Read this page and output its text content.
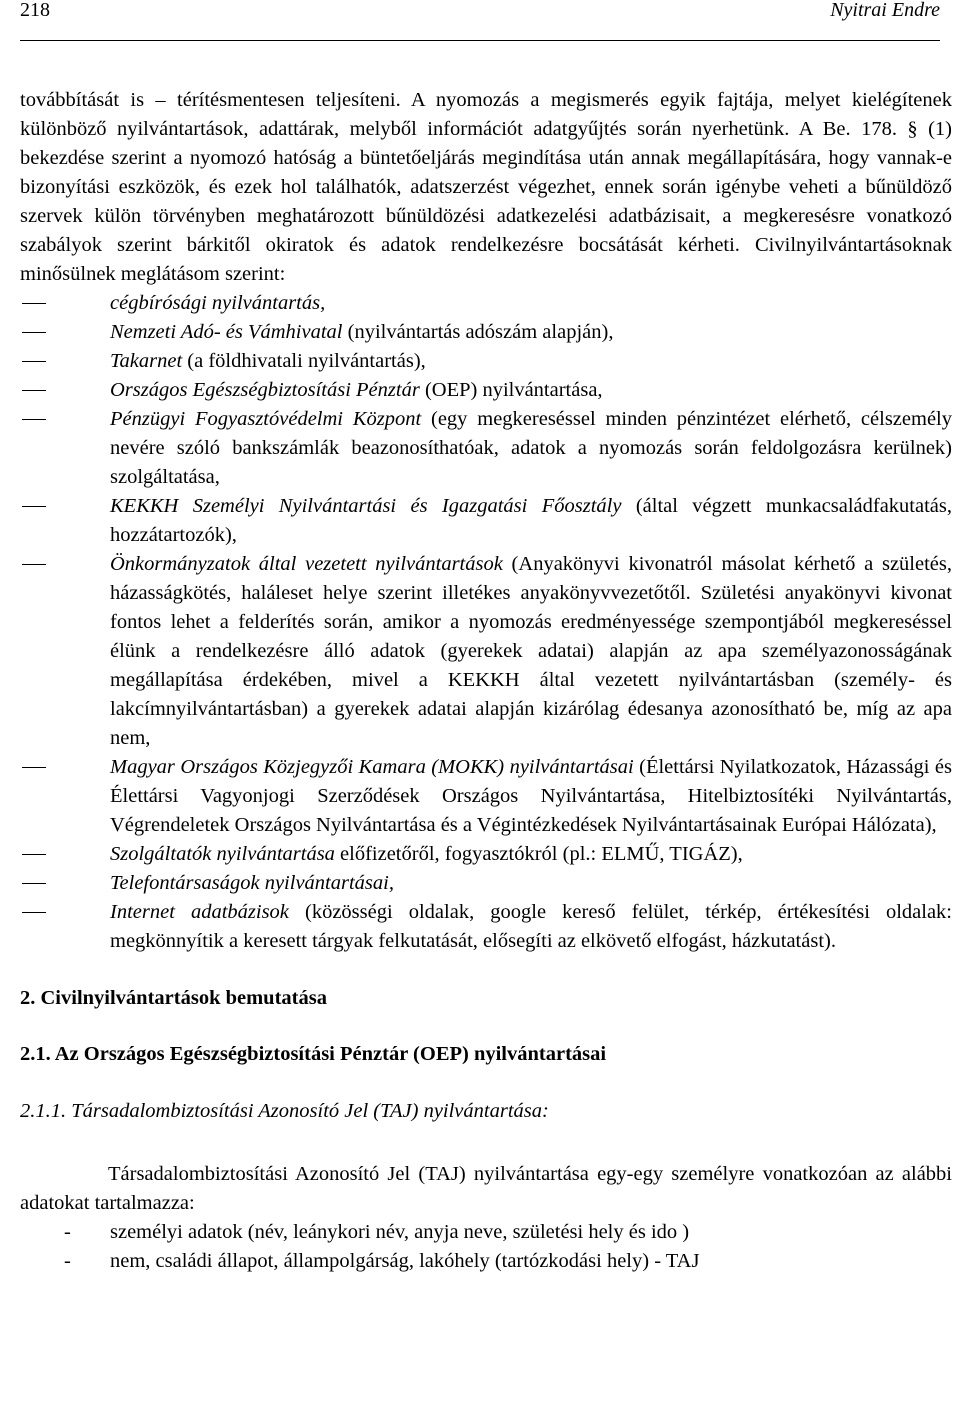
218	Nyitrai Endre

továbbítását is – térítésmentesen teljesíteni. A nyomozás a megismerés egyik fajtája, melyet kielégítenek különböző nyilvántartások, adattárak, melyből információt adatgyűjtés során nyerhetünk. A Be. 178. § (1) bekezdése szerint a nyomozó hatóság a büntetőeljárás megindítása után annak megállapítására, hogy vannak-e bizonyítási eszközök, és ezek hol találhatók, adatszerzést végezhet, ennek során igénybe veheti a bűnüldöző szervek külön törvényben meghatározott bűnüldözési adatkezelési adatbázisait, a megkeresésre vonatkozó szabályok szerint bárkitől okiratok és adatok rendelkezésre bocsátását kérheti. Civilnyilvántartásoknak minősülnek meglátásom szerint:

cégbírósági nyilvántartás,
Nemzeti Adó- és Vámhivatal (nyilvántartás adószám alapján),
Takarnet (a földhivatali nyilvántartás),
Országos Egészségbiztosítási Pénztár (OEP) nyilvántartása,
Pénzügyi Fogyasztóvédelmi Központ (egy megkereséssel minden pénzintézet elérhető, célszemély nevére szóló bankszámlák beazonosíthatóak, adatok a nyomozás során feldolgozásra kerülnek) szolgáltatása,
KEKKH Személyi Nyilvántartási és Igazgatási Főosztály (által végzett munkacsaládfakutatás, hozzátartozók),
Önkormányzatok által vezetett nyilvántartások (Anyakönyvi kivonatról másolat kérhető a születés, házasságkötés, haláleset helye szerint illetékes anyakönyvvezetőtől. Születési anyakönyvi kivonat fontos lehet a felderítés során, amikor a nyomozás eredményessége szempontjából megkereséssel élünk a rendelkezésre álló adatok (gyerekek adatai) alapján az apa személyazonosságának megállapítása érdekében, mivel a KEKKH által vezetett nyilvántartásban (személy- és lakcímnyilvántartásban) a gyerekek adatai alapján kizárólag édesanya azonosítható be, míg az apa nem,
Magyar Országos Közjegyzői Kamara (MOKK) nyilvántartásai (Élettársi Nyilatkozatok, Házassági és Élettársi Vagyonjogi Szerződések Országos Nyilvántartása, Hitelbiztosítéki Nyilvántartás, Végrendeletek Országos Nyilvántartása és a Végintézkedések Nyilvántartásainak Európai Hálózata),
Szolgáltatók nyilvántartása előfizetőről, fogyasztókról (pl.: ELMŰ, TIGÁZ),
Telefontársaságok nyilvántartásai,
Internet adatbázisok (közösségi oldalak, google kereső felület, térkép, értékesítési oldalak: megkönnyítik a keresett tárgyak felkutatását, elősegíti az elkövető elfogást, házkutatást).
2. Civilnyilvántartások bemutatása
2.1. Az Országos Egészségbiztosítási Pénztár (OEP) nyilvántartásai
2.1.1. Társadalombiztosítási Azonosító Jel (TAJ) nyilvántartása:

Társadalombiztosítási Azonosító Jel (TAJ) nyilvántartása egy-egy személyre vonatkozóan az alábbi adatokat tartalmazza:

- személyi adatok (név, leánykori név, anyja neve, születési hely és ido )
- nem, családi állapot, állampolgárság, lakóhely (tartózkodási hely) - TAJ
